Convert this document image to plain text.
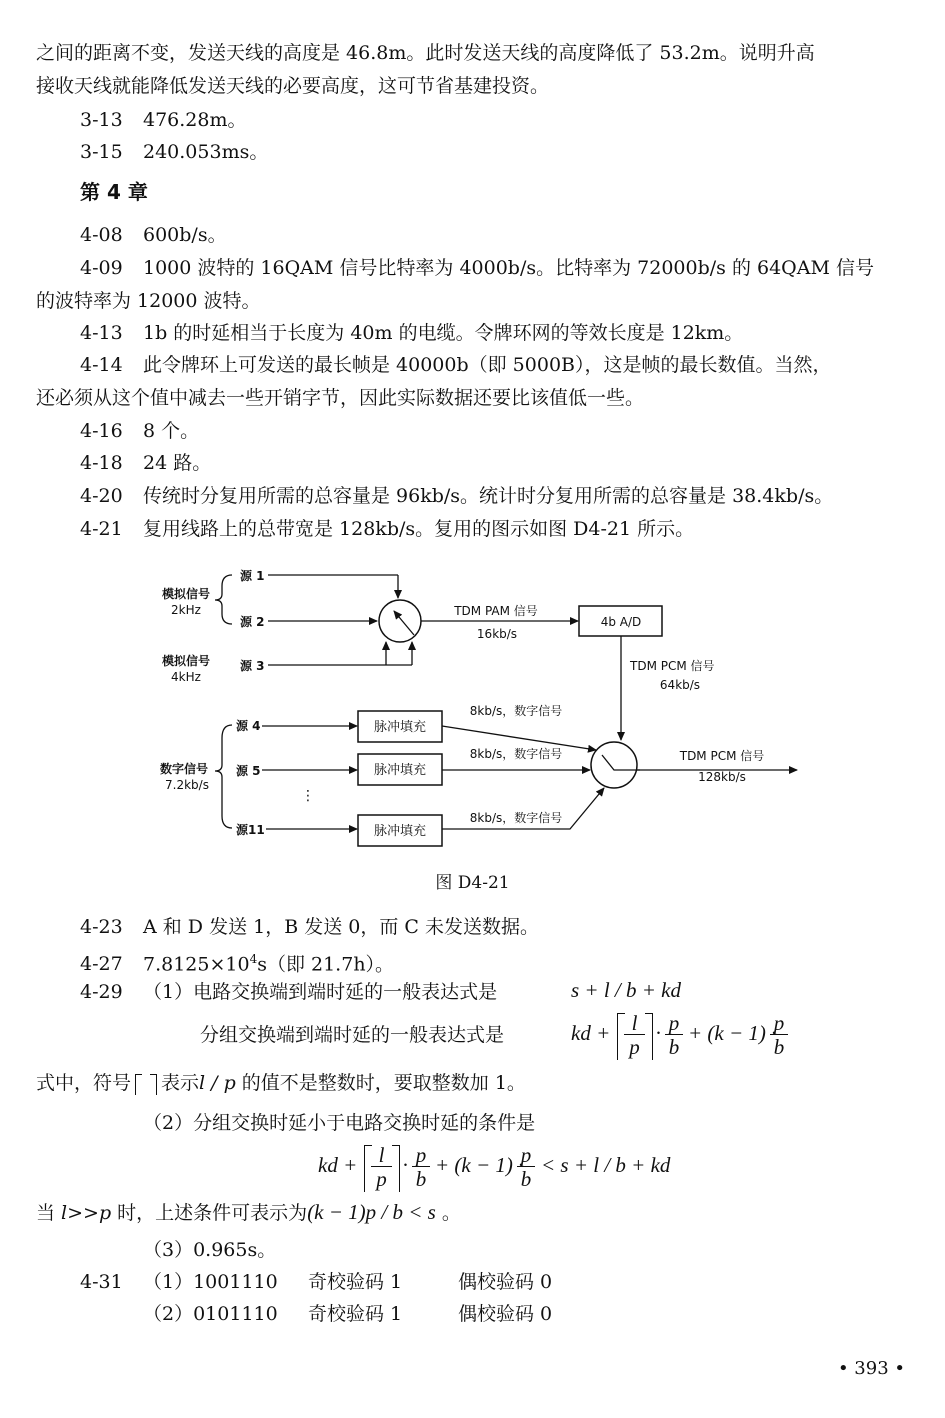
之间的距离不变，发送天线的高度是 46.8m。此时发送天线的高度降低了 53.2m。说明升高
接收天线就能降低发送天线的必要高度，这可节省基建投资。
3-13 476.28m。
3-15 240.053ms。
第 4 章
4-08 600b/s。
4-09 1000 波特的 16QAM 信号比特率为 4000b/s。比特率为 72000b/s 的 64QAM 信号
的波特率为 12000 波特。
4-13 1b 的时延相当于长度为 40m 的电缆。令牌环网的等效长度是 12km。
4-14 此令牌环上可发送的最长帧是 40000b（即 5000B），这是帧的最长数值。当然，
还必须从这个值中减去一些开销字节，因此实际数据还要比该值低一些。
4-16 8 个。
4-18 24 路。
4-20 传统时分复用所需的总容量是 96kb/s。统计时分复用所需的总容量是 38.4kb/s。
4-21 复用线路上的总带宽是 128kb/s。复用的图示如图 D4-21 所示。
模拟信号
2kHz
源 1
源 2
模拟信号
4kHz
源 3
TDM PAM 信号
16kb/s
4b A/D
TDM PCM 信号
64kb/s
数字信号
7.2kb/s
源 4
源 5
源11
⋮
脉冲填充
脉冲填充
脉冲填充
8kb/s，数字信号
8kb/s，数字信号
8kb/s，数字信号
TDM PCM 信号
128kb/s
图 D4-21
4-23 A 和 D 发送 1，B 发送 0，而 C 未发送数据。
4-27 $7.8125\times 10^4s$（即 21.7h）。
4-29 （1）电路交换端到端时延的一般表达式是	s + l / b + kd
分组交换端到端时延的一般表达式是	kd + $\frac{l}{p} \cdot \frac{p}{b} + (k - 1)$ ·
$\frac{p}{b}$
式中，符号 表示l / p 的值不是整数时，要取整数加 1。
（2）分组交换时延小于电路交换时延的条件是
kd + $\frac{l}{p} \cdot \frac{p}{b} + (k - 1)$ ·
$\frac{p}{b} < s + l / b$ + kd
当 l>>p 时，上述条件可表示为(k − 1)p / b < s 。
（3）0.965s。
4-31 （1）1001110 奇校验码 1	偶校验码 0
（2）0101110 奇校验码 1	偶校验码 0
• 393 •
